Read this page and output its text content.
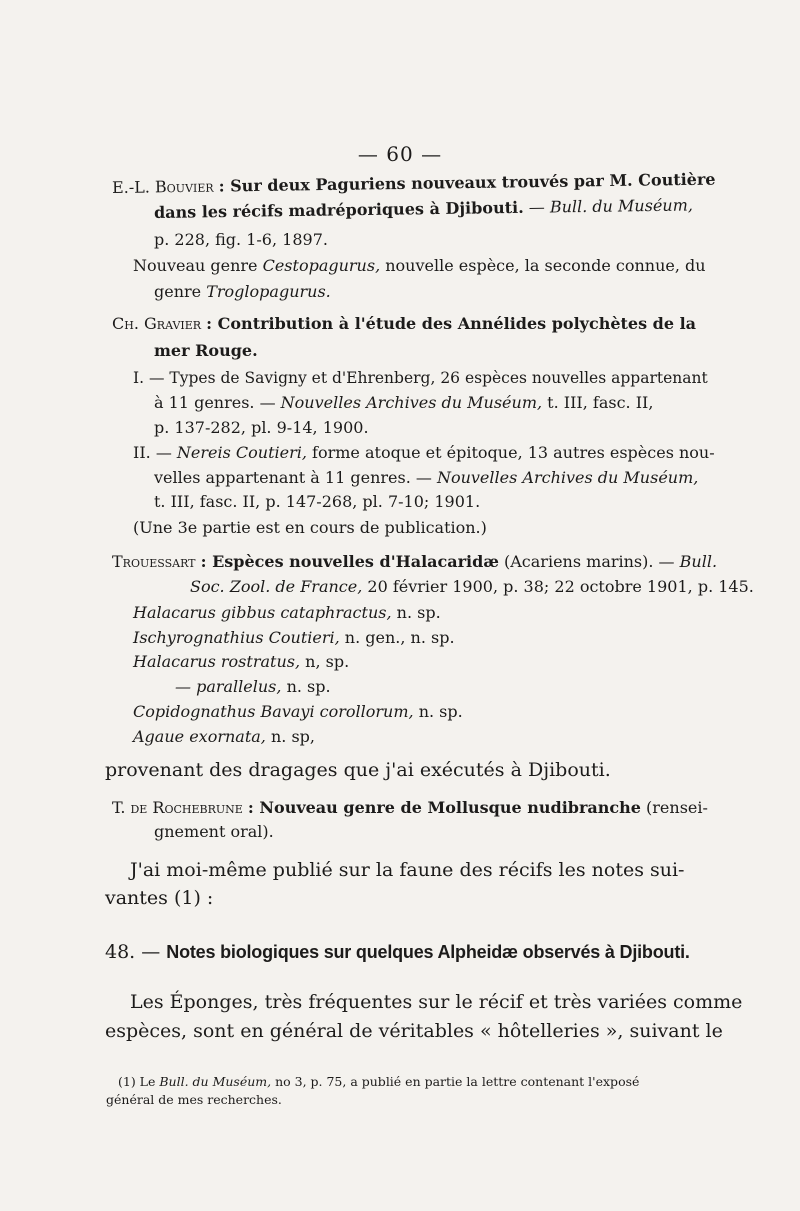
— 60 —
E.-L. Bouvier : Sur deux Paguriens nouveaux trouvés par M. Coutière
dans les récifs madréporiques à Djibouti. — Bull. du Muséum,
p. 228, fig. 1-6, 1897.
Nouveau genre Cestopagurus, nouvelle espèce, la seconde connue, du
genre Troglopagurus.
Ch. Gravier : Contribution à l'étude des Annélides polychètes de la
mer Rouge.
I. — Types de Savigny et d'Ehrenberg, 26 espèces nouvelles appartenant
à 11 genres. — Nouvelles Archives du Muséum, t. III, fasc. II,
p. 137-282, pl. 9-14, 1900.
II. — Nereis Coutieri, forme atoque et épitoque, 13 autres espèces nou-
velles appartenant à 11 genres. — Nouvelles Archives du Muséum,
t. III, fasc. II, p. 147-268, pl. 7-10; 1901.
(Une 3e partie est en cours de publication.)
Trouessart : Espèces nouvelles d'Halacaridæ (Acariens marins). — Bull.
Soc. Zool. de France, 20 février 1900, p. 38; 22 octobre 1901, p. 145.
Halacarus gibbus cataphractus, n. sp.
Ischyrognathius Coutieri, n. gen., n. sp.
Halacarus rostratus, n, sp.
— parallelus, n. sp.
Copidognathus Bavayi corollorum, n. sp.
Agaue exornata, n. sp,
provenant des dragages que j'ai exécutés à Djibouti.
T. de Rochebrune : Nouveau genre de Mollusque nudibranche (rensei-
gnement oral).
J'ai moi-même publié sur la faune des récifs les notes sui-
vantes (1) :
48. — Notes biologiques sur quelques Alpheidæ observés à Djibouti.
Les Éponges, très fréquentes sur le récif et très variées comme
espèces, sont en général de véritables « hôtelleries », suivant le
(1) Le Bull. du Muséum, no 3, p. 75, a publié en partie la lettre contenant l'exposé
général de mes recherches.
